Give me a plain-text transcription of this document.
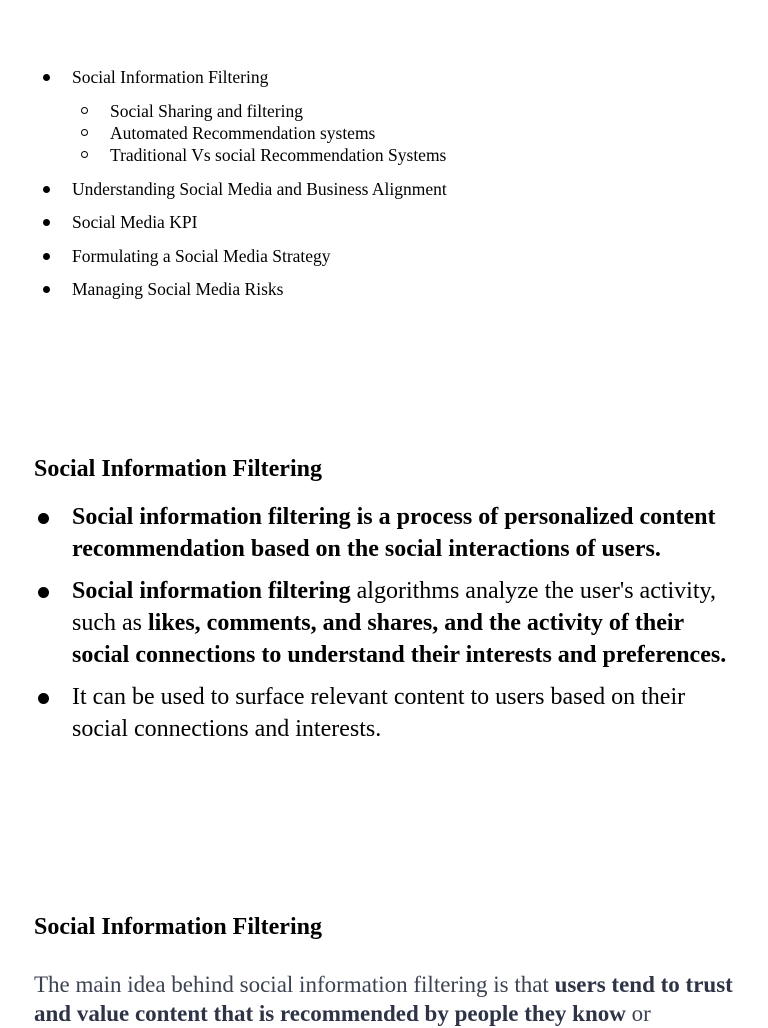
Social Information Filtering
Social Sharing and filtering
Automated Recommendation systems
Traditional Vs social Recommendation Systems
Understanding Social Media and Business Alignment
Social Media KPI
Formulating a Social Media Strategy
Managing Social Media Risks
Social Information Filtering
Social information filtering is a process of personalized content recommendation based on the social interactions of users.
Social information filtering algorithms analyze the user's activity, such as likes, comments, and shares, and the activity of their social connections to understand their interests and preferences.
It can be used to surface relevant content to users based on their social connections and interests.
Social Information Filtering

The main idea behind social information filtering is that users tend to trust and value content that is recommended by people they know or
